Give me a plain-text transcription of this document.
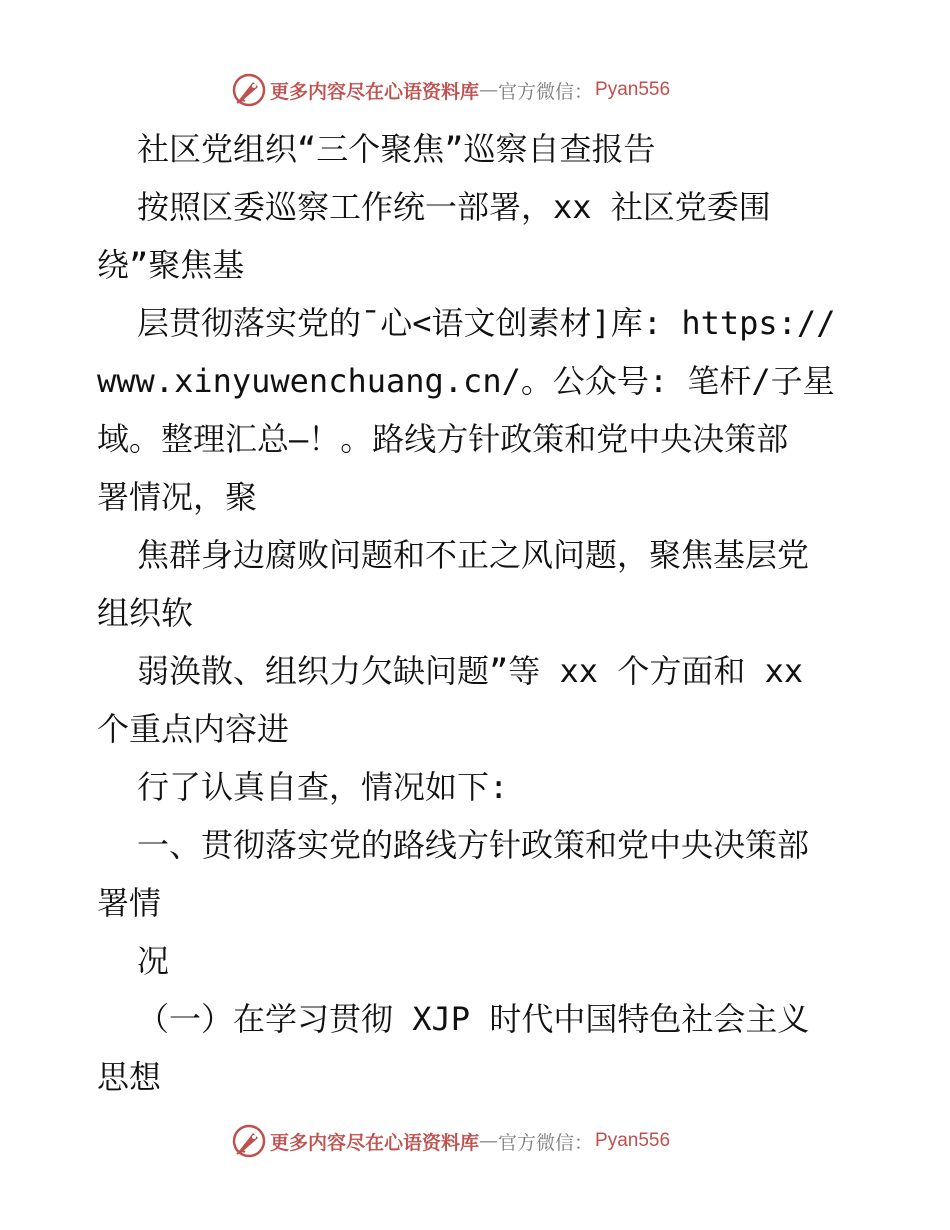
更多内容尽在心语资料库 — 官方微信： Pyan556
社区党组织“三个聚焦”巡察自查报告
按照区委巡察工作统一部署，xx 社区党委围
绕”聚焦基
层贯彻落实党的¯心<语文创素材]库: https://
www.xinyuwenchuang.cn/。公众号: 笔杆/子星
域。整理汇总—！。路线方针政策和党中央决策部
署情况，聚
焦群身边腐败问题和不正之风问题，聚焦基层党
组织软
弱涣散、组织力欠缺问题”等 xx 个方面和 xx
个重点内容进
行了认真自查，情况如下:
一、贯彻落实党的路线方针政策和党中央决策部
署情
况
（一）在学习贯彻 XJP 时代中国特色社会主义
思想
更多内容尽在心语资料库 — 官方微信： Pyan556
